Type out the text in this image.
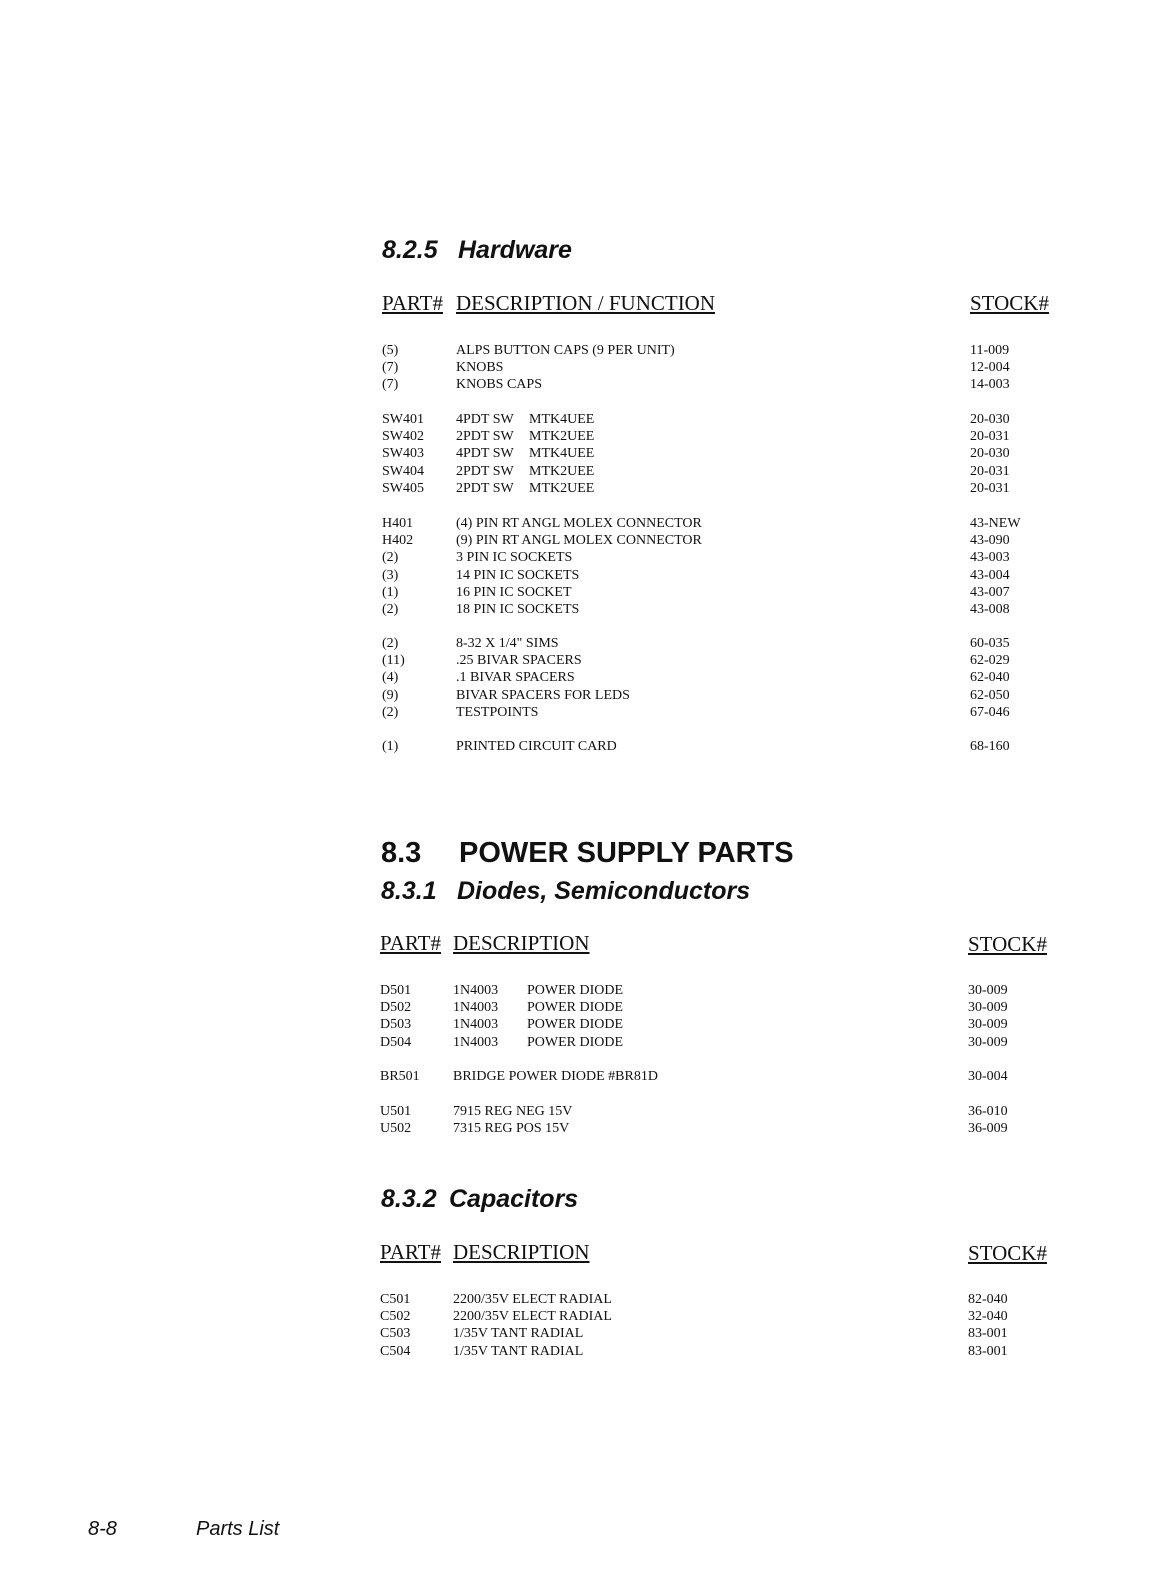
8.2.5 Hardware
PART# DESCRIPTION / FUNCTION	STOCK#
(5)	ALPS BUTTON CAPS (9 PER UNIT)	11-009
(7)	KNOBS	12-004
(7)	KNOBS CAPS	14-003
SW401 4PDT SW MTK4UEE	20-030
SW402 2PDT SW MTK2UEE	20-031
SW403 4PDT SW MTK4UEE	20-030
SW404 2PDT SW MTK2UEE	20-031
SW405 2PDT SW MTK2UEE	20-031
H401	(4) PIN RT ANGL MOLEX CONNECTOR	43-NEW
H402	(9) PIN RT ANGL MOLEX CONNECTOR	43-090
(2)	3 PIN IC SOCKETS	43-003
(3)	14 PIN IC SOCKETS	43-004
(1)	16 PIN IC SOCKET	43-007
(2)	18 PIN IC SOCKETS	43-008
(2)	8-32 X 1/4" SIMS	60-035
(11)	.25 BIVAR SPACERS	62-029
(4)	.1 BIVAR SPACERS	62-040
(9)	BIVAR SPACERS FOR LEDS	62-050
(2)	TESTPOINTS	67-046
(1)	PRINTED CIRCUIT CARD	68-160
8.3 POWER SUPPLY PARTS
8.3.1 Diodes, Semiconductors
PART# DESCRIPTION	STOCK#
D501	1N4003 POWER DIODE	30-009
D502	1N4003 POWER DIODE	30-009
D503	1N4003 POWER DIODE	30-009
D504	1N4003 POWER DIODE	30-009
BR501 BRIDGE POWER DIODE #BR81D	30-004
U501	7915 REG NEG 15V	36-010
U502	7315 REG POS 15V	36-009
8.3.2 Capacitors
PART# DESCRIPTION	STOCK#
C501	2200/35V ELECT RADIAL	82-040
C502	2200/35V ELECT RADIAL	32-040
C503	1/35V TANT RADIAL	83-001
C504	1/35V TANT RADIAL	83-001
8-8	Parts List
